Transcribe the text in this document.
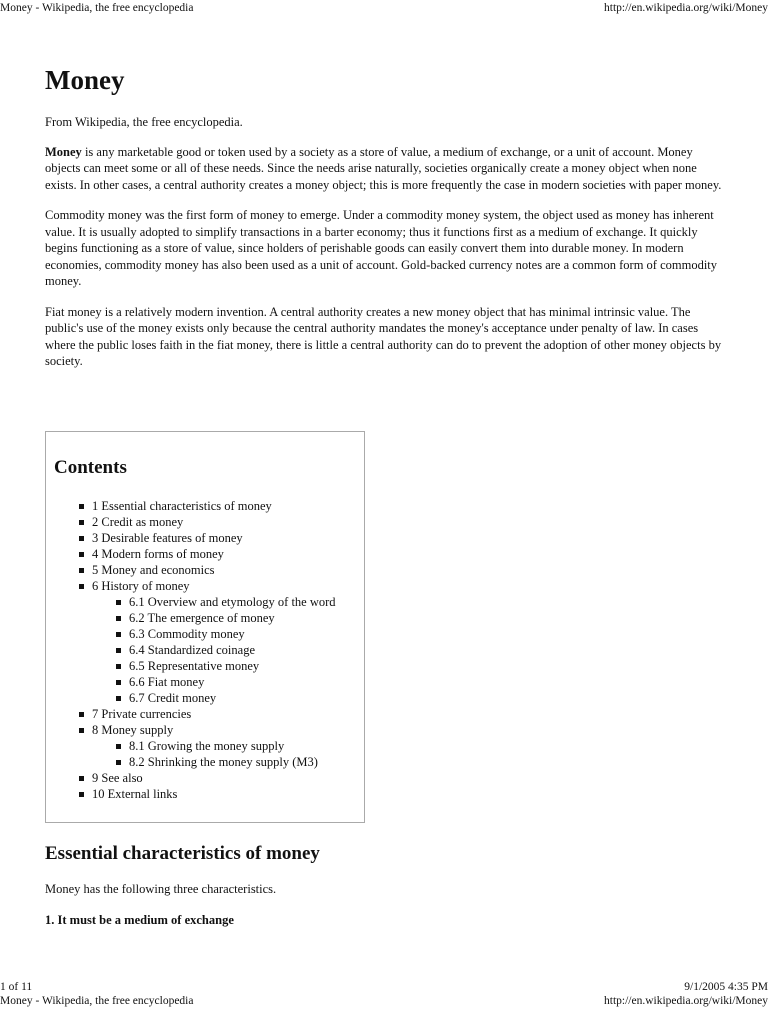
Money - Wikipedia, the free encyclopedia	http://en.wikipedia.org/wiki/Money
Money
From Wikipedia, the free encyclopedia.

Money is any marketable good or token used by a society as a store of value, a medium of exchange, or a unit of account. Money objects can meet some or all of these needs. Since the needs arise naturally, societies organically create a money object when none exists. In other cases, a central authority creates a money object; this is more frequently the case in modern societies with paper money.

Commodity money was the first form of money to emerge. Under a commodity money system, the object used as money has inherent value. It is usually adopted to simplify transactions in a barter economy; thus it functions first as a medium of exchange. It quickly begins functioning as a store of value, since holders of perishable goods can easily convert them into durable money. In modern economies, commodity money has also been used as a unit of account. Gold-backed currency notes are a common form of commodity money.

Fiat money is a relatively modern invention. A central authority creates a new money object that has minimal intrinsic value. The public's use of the money exists only because the central authority mandates the money's acceptance under penalty of law. In cases where the public loses faith in the fiat money, there is little a central authority can do to prevent the adoption of other money objects by society.

Contents
1 Essential characteristics of money
2 Credit as money
3 Desirable features of money
4 Modern forms of money
5 Money and economics
6 History of money
6.1 Overview and etymology of the word
6.2 The emergence of money
6.3 Commodity money
6.4 Standardized coinage
6.5 Representative money
6.6 Fiat money
6.7 Credit money
7 Private currencies
8 Money supply
8.1 Growing the money supply
8.2 Shrinking the money supply (M3)
9 See also
10 External links
Essential characteristics of money

Money has the following three characteristics.

1. It must be a medium of exchange

1 of 11	9/1/2005 4:35 PM
Money - Wikipedia, the free encyclopedia	http://en.wikipedia.org/wiki/Money
